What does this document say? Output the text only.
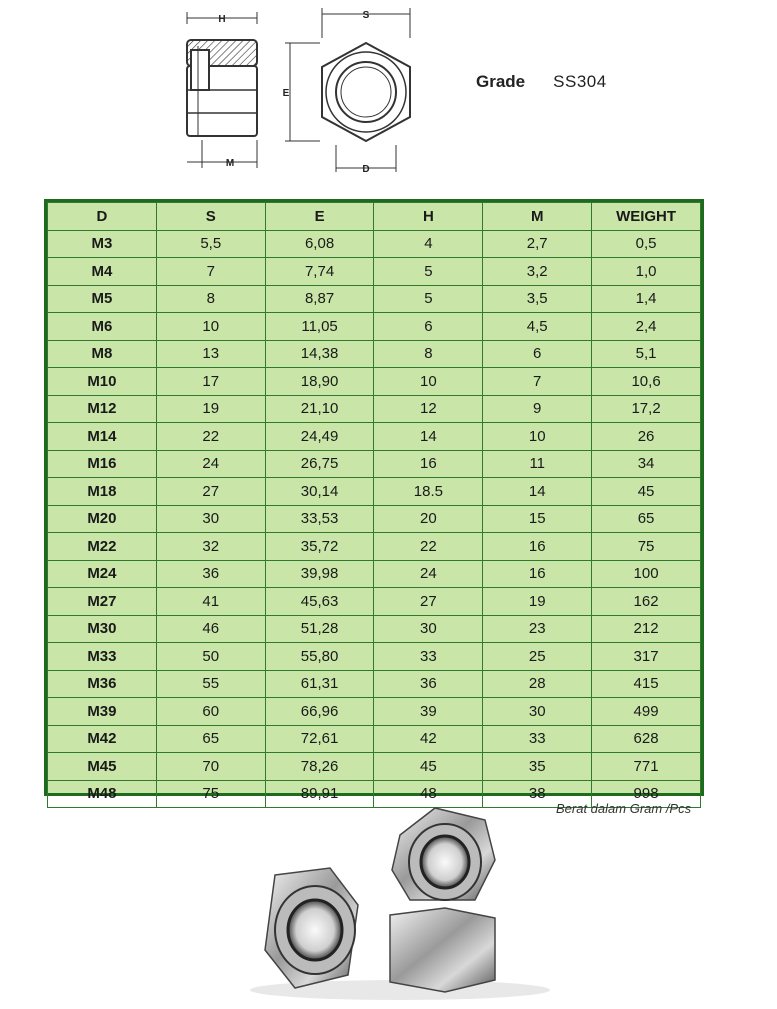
H
M
S
E
D
Grade SS304
D	S	E	H	M	WEIGHT
M3	5,5	6,08	4	2,7	0,5
M4	7	7,74	5	3,2	1,0
M5	8	8,87	5	3,5	1,4
M6	10	11,05	6	4,5	2,4
M8	13	14,38	8	6	5,1
M10	17	18,90	10	7	10,6
M12	19	21,10	12	9	17,2
M14	22	24,49	14	10	26
M16	24	26,75	16	11	34
M18	27	30,14	18.5	14	45
M20	30	33,53	20	15	65
M22	32	35,72	22	16	75
M24	36	39,98	24	16	100
M27	41	45,63	27	19	162
M30	46	51,28	30	23	212
M33	50	55,80	33	25	317
M36	55	61,31	36	28	415
M39	60	66,96	39	30	499
M42	65	72,61	42	33	628
M45	70	78,26	45	35	771
M48	75	89,91	48	38	998
Berat dalam Gram /Pcs
